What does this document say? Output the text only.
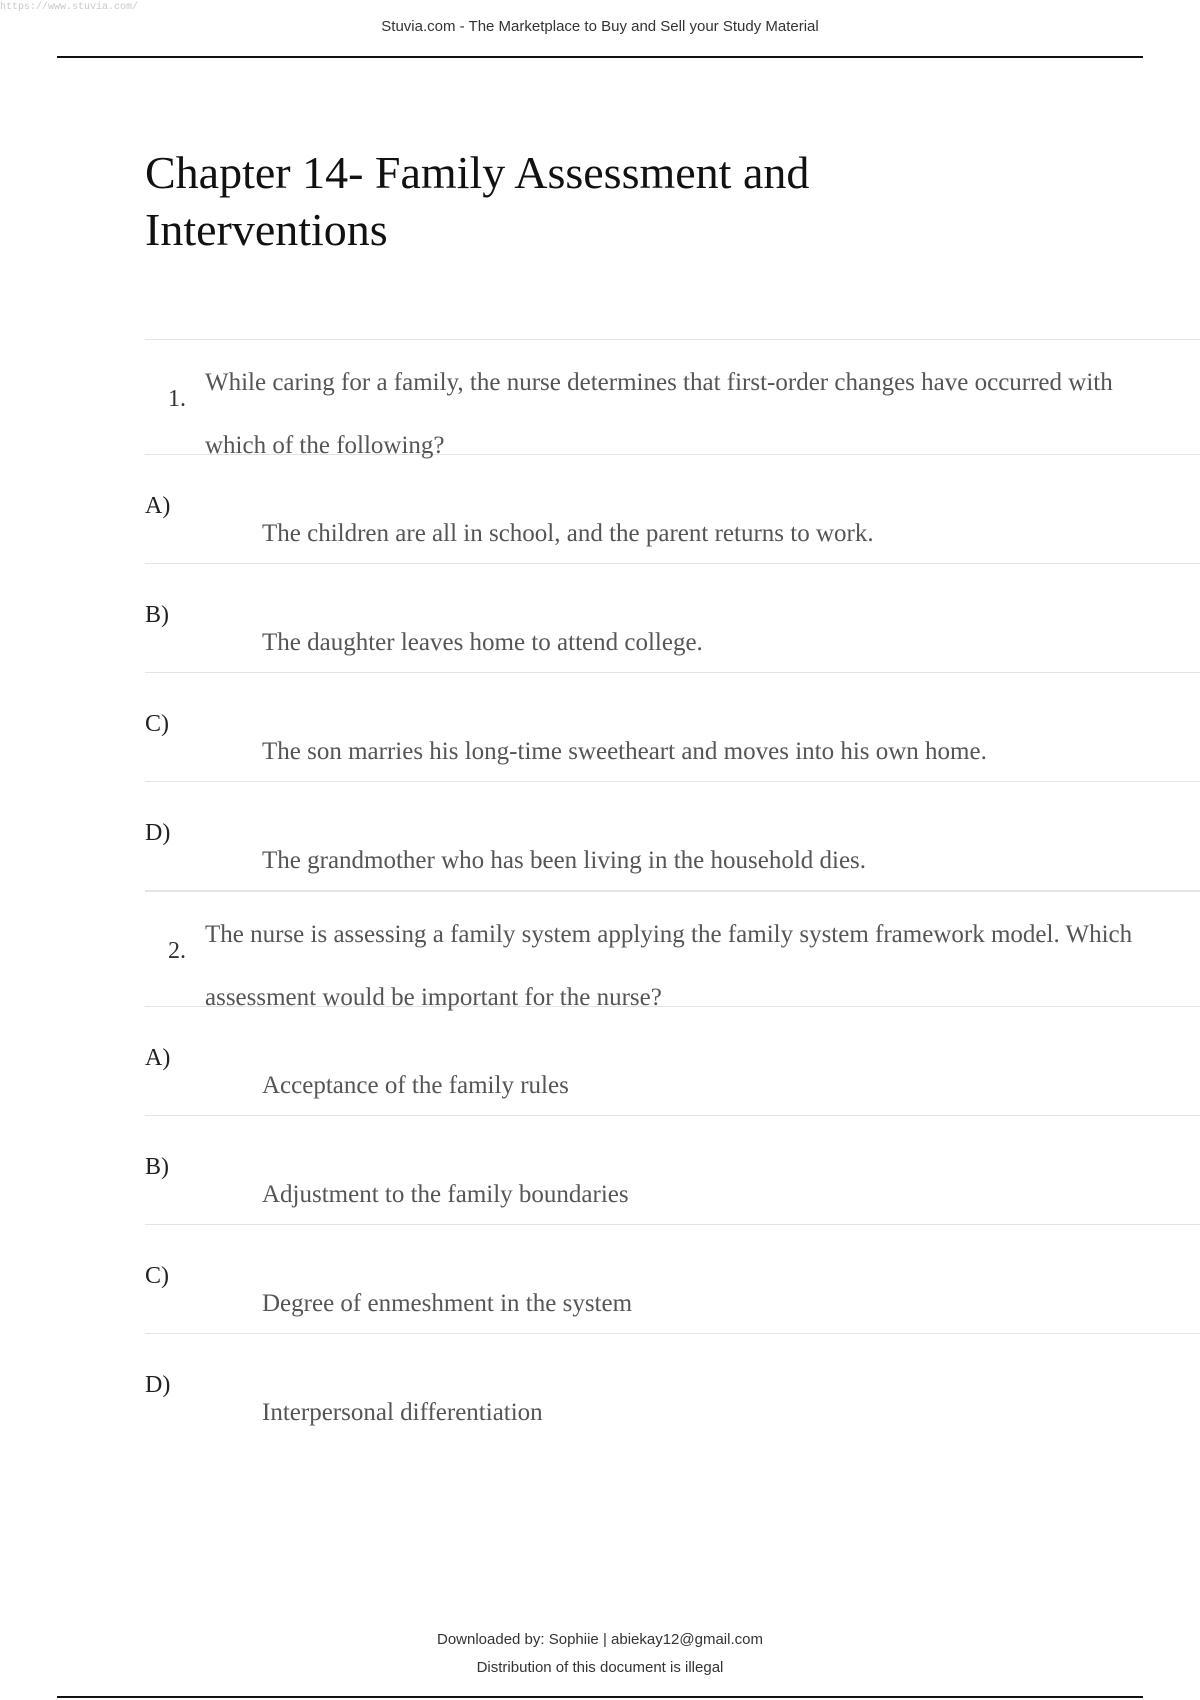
https://www.stuvia.com/
Stuvia.com - The Marketplace to Buy and Sell your Study Material
Chapter 14- Family Assessment and Interventions
1.
While caring for a family, the nurse determines that first-order changes have occurred with which of the following?
A)
The children are all in school, and the parent returns to work.
B)
The daughter leaves home to attend college.
C)
The son marries his long-time sweetheart and moves into his own home.
D)
The grandmother who has been living in the household dies.
2.
The nurse is assessing a family system applying the family system framework model. Which assessment would be important for the nurse?
A)
Acceptance of the family rules
B)
Adjustment to the family boundaries
C)
Degree of enmeshment in the system
D)
Interpersonal differentiation
Downloaded by: Sophiie | abiekay12@gmail.com
Distribution of this document is illegal
